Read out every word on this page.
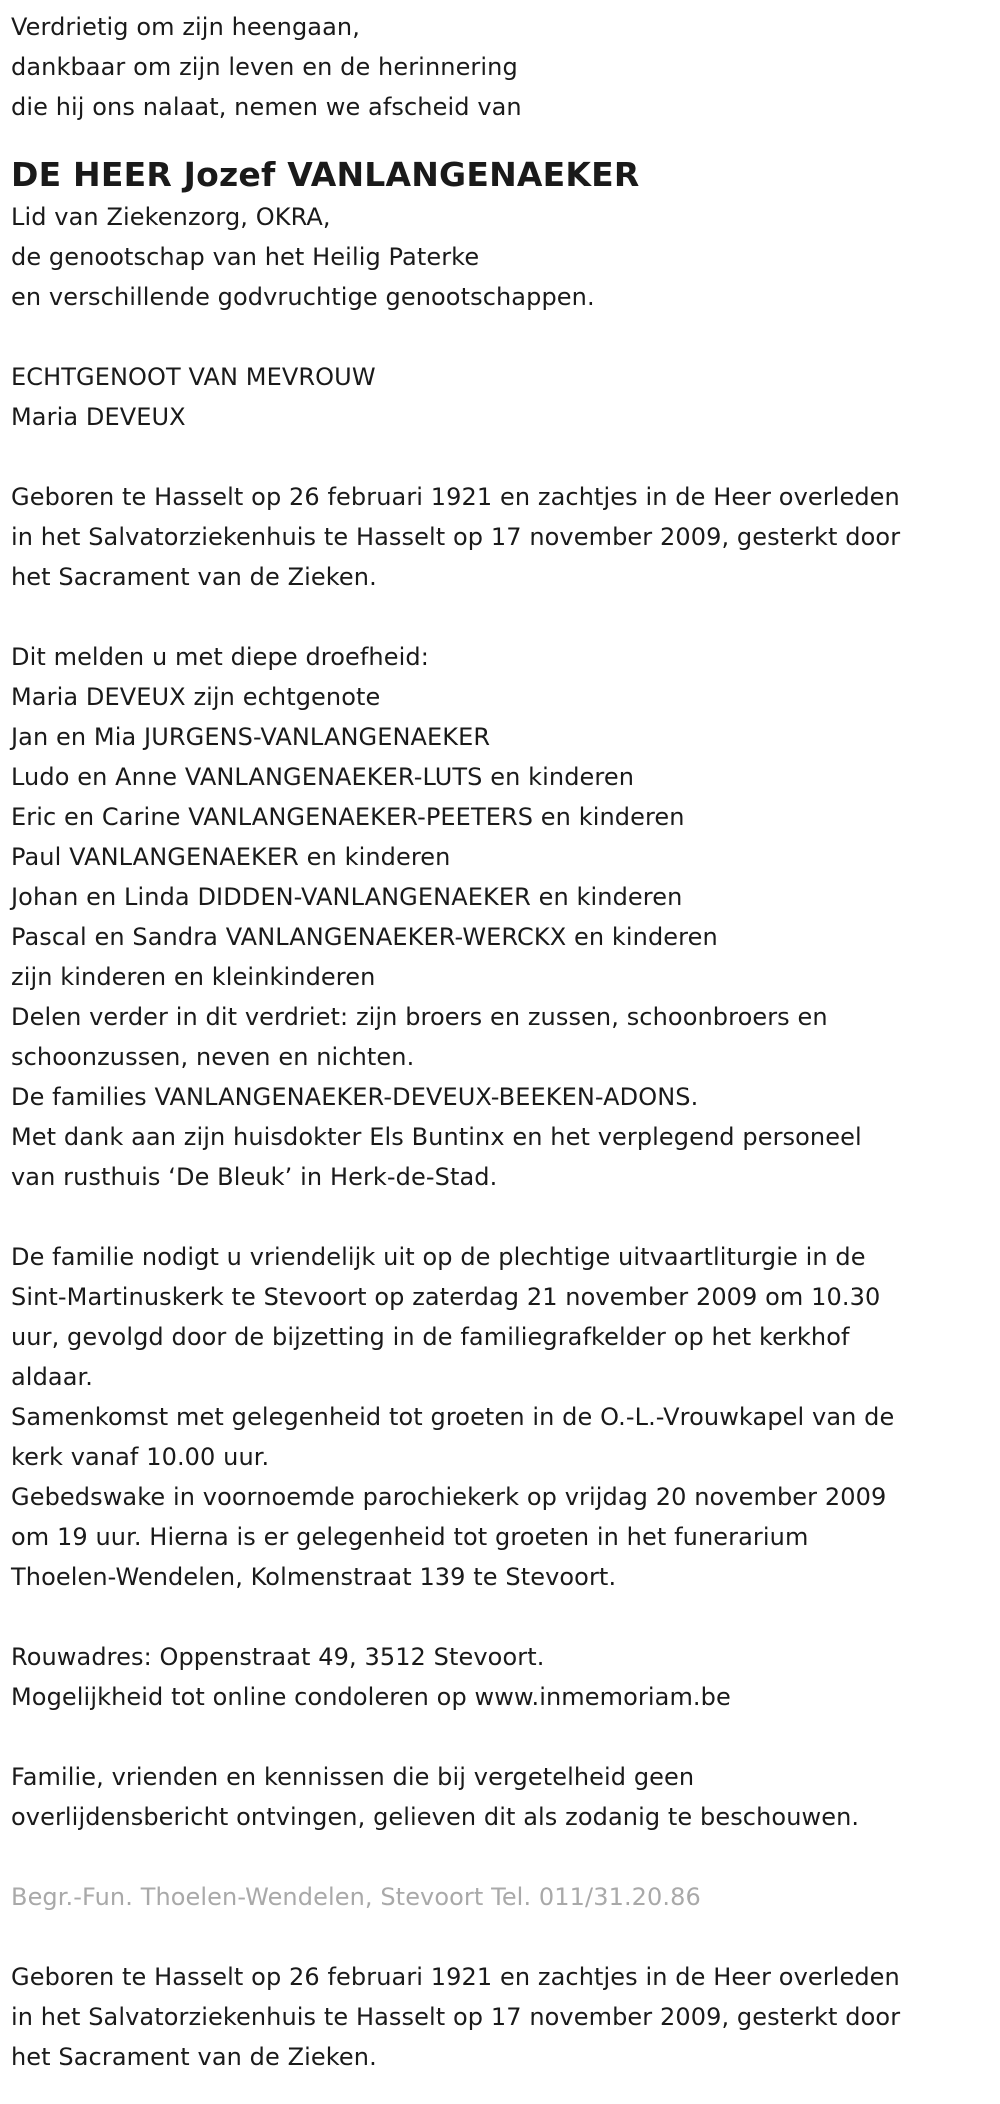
Verdrietig om zijn heengaan,
dankbaar om zijn leven en de herinnering
die hij ons nalaat, nemen we afscheid van
DE HEER Jozef VANLANGENAEKER
Lid van Ziekenzorg, OKRA,
de genootschap van het Heilig Paterke
en verschillende godvruchtige genootschappen.
ECHTGENOOT VAN MEVROUW
Maria DEVEUX
Geboren te Hasselt op 26 februari 1921 en zachtjes in de Heer overleden
in het Salvatorziekenhuis te Hasselt op 17 november 2009, gesterkt door
het Sacrament van de Zieken.
Dit melden u met diepe droefheid:
Maria DEVEUX zijn echtgenote
Jan en Mia JURGENS-VANLANGENAEKER
Ludo en Anne VANLANGENAEKER-LUTS en kinderen
Eric en Carine VANLANGENAEKER-PEETERS en kinderen
Paul VANLANGENAEKER en kinderen
Johan en Linda DIDDEN-VANLANGENAEKER en kinderen
Pascal en Sandra VANLANGENAEKER-WERCKX en kinderen
zijn kinderen en kleinkinderen
Delen verder in dit verdriet: zijn broers en zussen, schoonbroers en
schoonzussen, neven en nichten.
De families VANLANGENAEKER-DEVEUX-BEEKEN-ADONS.
Met dank aan zijn huisdokter Els Buntinx en het verplegend personeel
van rusthuis ‘De Bleuk’ in Herk-de-Stad.
De familie nodigt u vriendelijk uit op de plechtige uitvaartliturgie in de
Sint-Martinuskerk te Stevoort op zaterdag 21 november 2009 om 10.30
uur, gevolgd door de bijzetting in de familiegrafkelder op het kerkhof
aldaar.
Samenkomst met gelegenheid tot groeten in de O.-L.-Vrouwkapel van de
kerk vanaf 10.00 uur.
Gebedswake in voornoemde parochiekerk op vrijdag 20 november 2009
om 19 uur. Hierna is er gelegenheid tot groeten in het funerarium
Thoelen-Wendelen, Kolmenstraat 139 te Stevoort.
Rouwadres: Oppenstraat 49, 3512 Stevoort.
Mogelijkheid tot online condoleren op www.inmemoriam.be
Familie, vrienden en kennissen die bij vergetelheid geen
overlijdensbericht ontvingen, gelieven dit als zodanig te beschouwen.
Begr.-Fun. Thoelen-Wendelen, Stevoort Tel. 011/31.20.86
Geboren te Hasselt op 26 februari 1921 en zachtjes in de Heer overleden
in het Salvatorziekenhuis te Hasselt op 17 november 2009, gesterkt door
het Sacrament van de Zieken.
